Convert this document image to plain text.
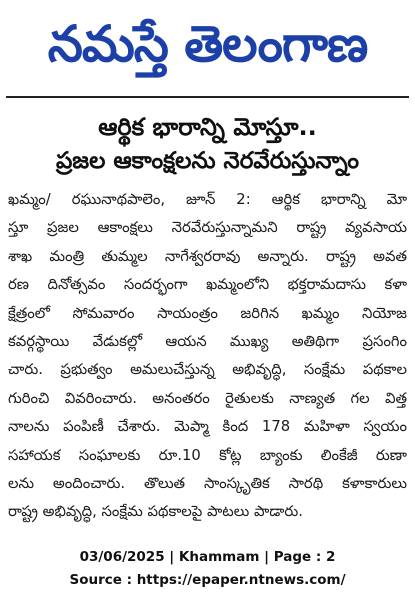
నమస్తే తెలంగాణ
ఆర్థిక భారాన్ని మోస్తూ..
ప్రజల ఆకాంక్షలను నెరవేరుస్తున్నాం
ఖమ్మం/ రఘునాథపాలెం, జూన్ 2: ఆర్థిక భారాన్ని మో
స్తూ ప్రజల ఆకాంక్షలు నెరవేరుస్తున్నామని రాష్ట్ర వ్యవసాయ
శాఖ మంత్రి తుమ్మల నాగేశ్వరరావు అన్నారు. రాష్ట్ర అవత
రణ దినోత్సవం సందర్భంగా ఖమ్మంలోని భక్తరామదాసు కళా
క్షేత్రంలో సోమవారం సాయంత్రం జరిగిన ఖమ్మం నియోజ
కవర్గస్థాయి వేడుకల్లో ఆయన ముఖ్య అతిథిగా ప్రసంగిం
చారు. ప్రభుత్వం అమలుచేస్తున్న అభివృద్ధి, సంక్షేమ పథకాల
గురించి వివరించారు. అనంతరం రైతులకు నాణ్యత గల విత్త
నాలను పంపిణీ చేశారు. మెప్మా కింద 178 మహిళా స్వయం
సహాయక సంఘాలకు రూ.10 కోట్ల బ్యాంకు లింకేజీ రుణా
లను అందించారు. తొలుత సాంస్కృతిక సారథి కళాకారులు
రాష్ట్ర అభివృద్ధి, సంక్షేమ పథకాలపై పాటలు పాడారు.
03/06/2025 | Khammam | Page : 2
Source : https://epaper.ntnews.com/
